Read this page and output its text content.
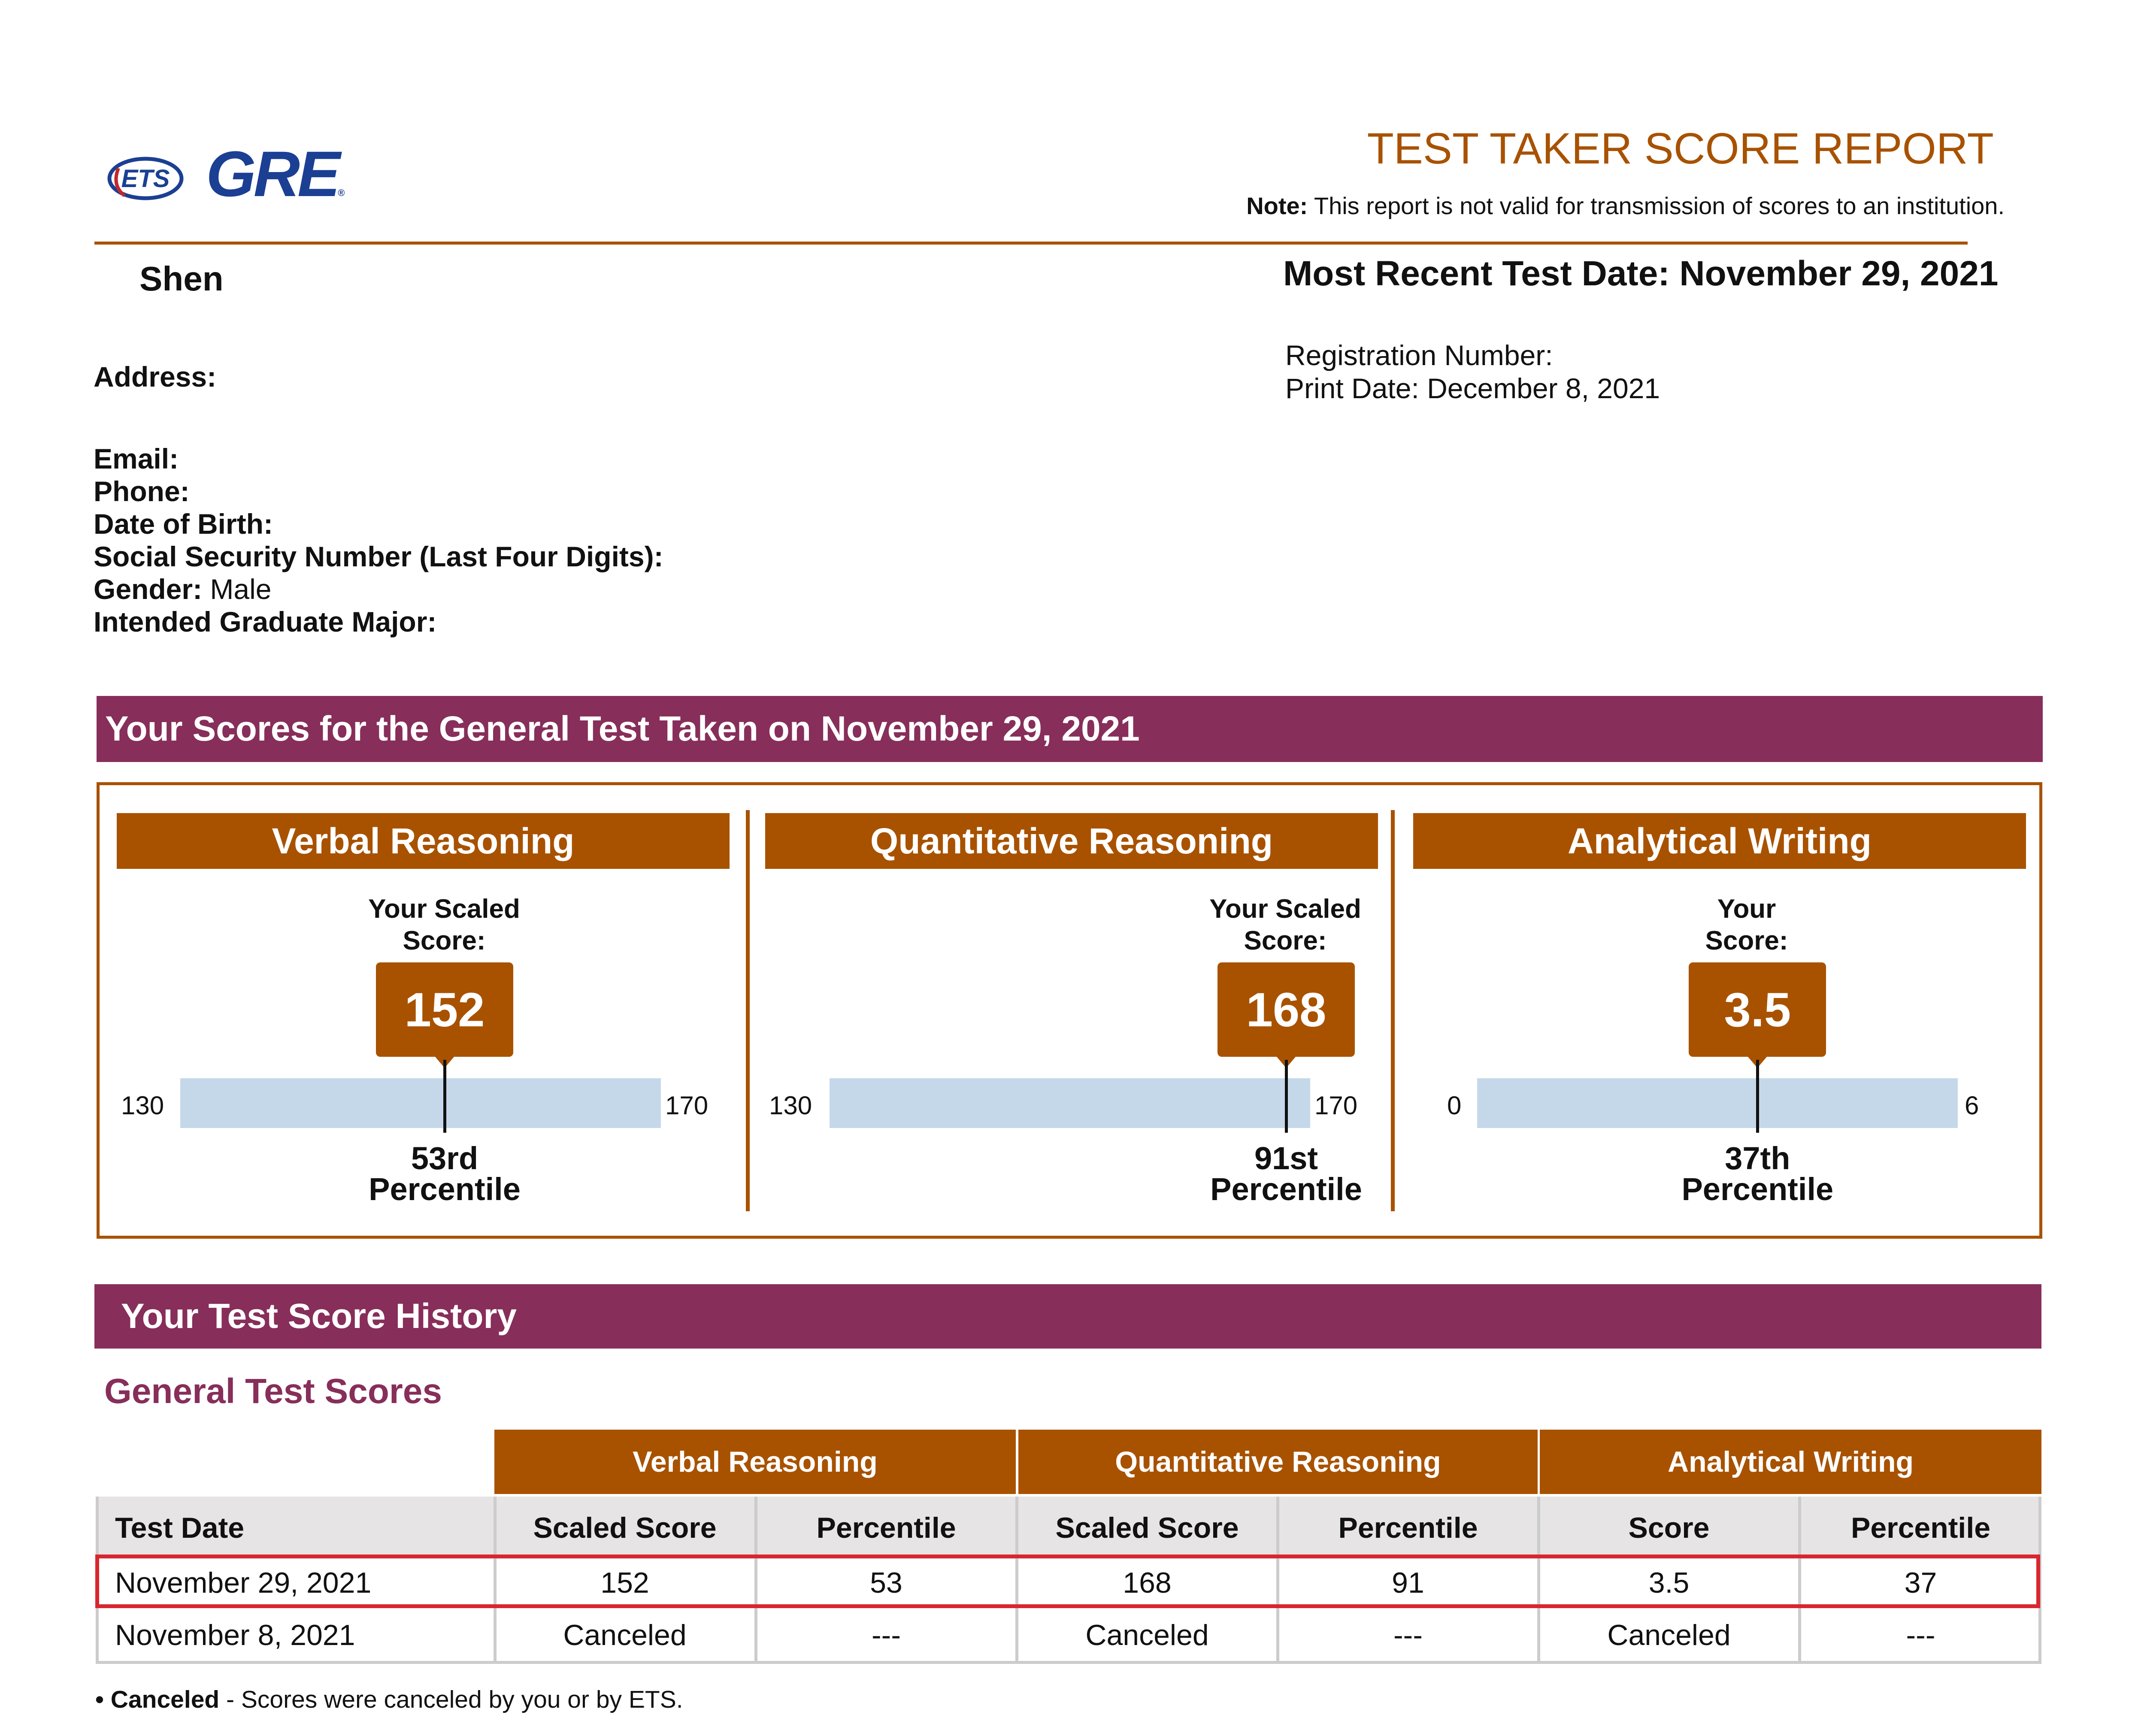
ETS GRE®
TEST TAKER SCORE REPORT
Note: This report is not valid for transmission of scores to an institution.
Shen	Most Recent Test Date: November 29, 2021
Registration Number:
Print Date: December 8, 2021
Address:
Email:
Phone:
Date of Birth:
Social Security Number (Last Four Digits):
Gender: Male
Intended Graduate Major:
Your Scores for the General Test Taken on November 29, 2021
Verbal Reasoning
Your Scaled
Score:
152
130	170
53rd
Percentile
Quantitative Reasoning
Your Scaled
Score:
168
130	170
91st
Percentile
Analytical Writing
Your
Score:
3.5
0	6
37th
Percentile
Your Test Score History
General Test Scores
Verbal Reasoning	Quantitative Reasoning	Analytical Writing
Test Date	Scaled Score	Percentile	Scaled Score	Percentile	Score	Percentile
November 29, 2021	152	53	168	91	3.5	37
November 8, 2021	Canceled	---	Canceled	---	Canceled	---
• Canceled - Scores were canceled by you or by ETS.
